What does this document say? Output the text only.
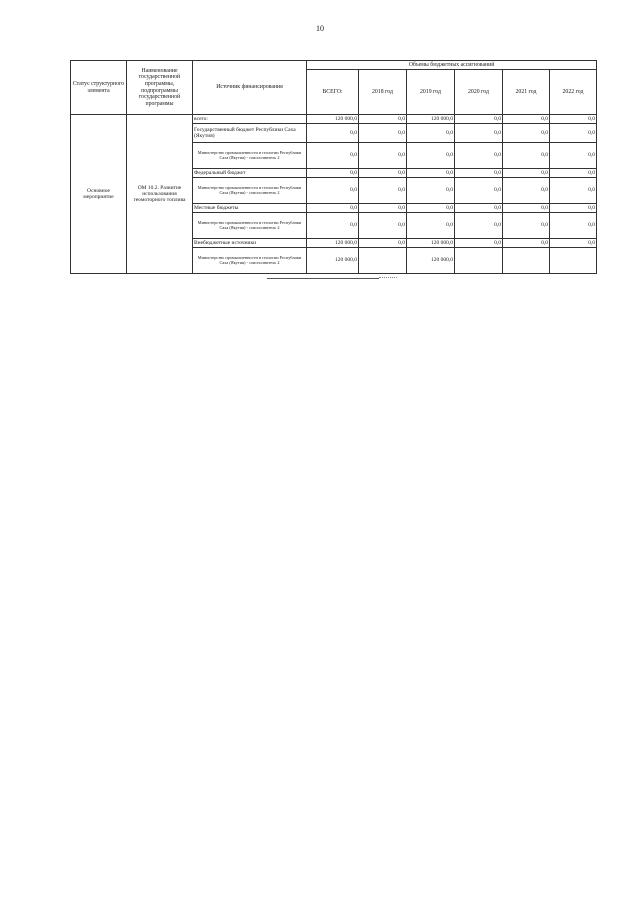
10
Статус структурного элемента	Наименование государственной программы, подпрограммы государственной программы	Источник финансирования	Объемы бюджетных ассигнований					
			ВСЕГО:	2018 год	2019 год	2020 год	2021 год	2022 год
Основное мероприятие	ОМ 10.2. Развитие использования геомоторного топлива	всего:	120 000,0	0,0	120 000,0	0,0	0,0	0,0
		Государственный бюджет Республики Саха (Якутия)	0,0	0,0	0,0	0,0	0,0	0,0
		Министерство промышленности и геологии Республики Саха (Якутия) - соисполнитель 2	0,0	0,0	0,0	0,0	0,0	0,0
		Федеральный бюджет	0,0	0,0	0,0	0,0	0,0	0,0
		Министерство промышленности и геологии Республики Саха (Якутия) - соисполнитель 2	0,0	0,0	0,0	0,0	0,0	0,0
		Местные бюджеты	0,0	0,0	0,0	0,0	0,0	0,0
		Министерство промышленности и геологии Республики Саха (Якутия) - соисполнитель 2	0,0	0,0	0,0	0,0	0,0	0,0
		Внебюджетные источники	120 000,0	0,0	120 000,0	0,0	0,0	0,0
		Министерство промышленности и геологии Республики Саха (Якутия) - соисполнитель 2	120 000,0		120 000,0			
